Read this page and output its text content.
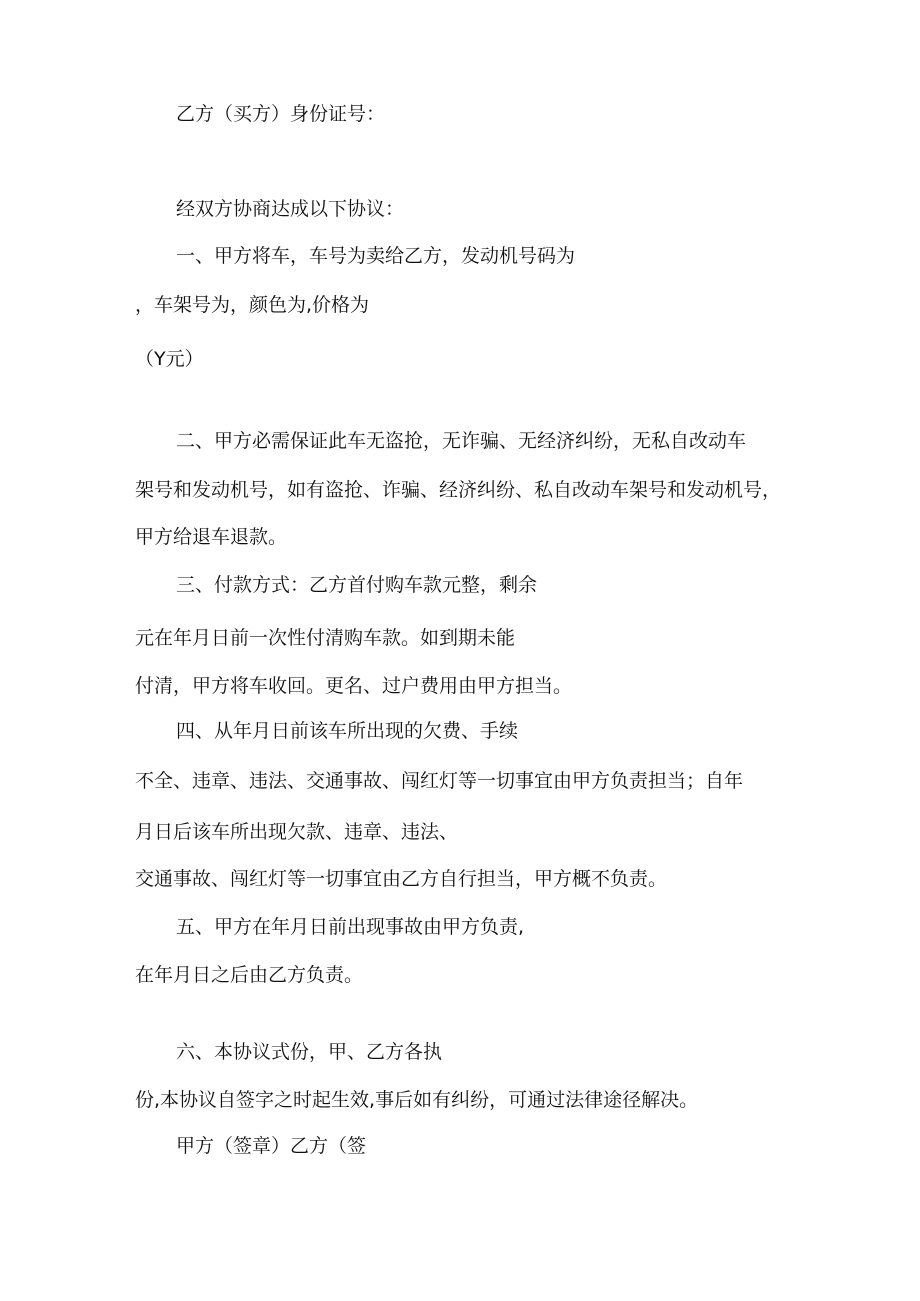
乙方（买方）身份证号：

经双方协商达成以下协议：

一、甲方将车，车号为卖给乙方，发动机号码为

，车架号为，颜色为,价格为

（Y元）

二、甲方必需保证此车无盗抢，无诈骗、无经济纠纷，无私自改动车

架号和发动机号，如有盗抢、诈骗、经济纠纷、私自改动车架号和发动机号，

甲方给退车退款。

三、付款方式：乙方首付购车款元整，剩余

元在年月日前一次性付清购车款。如到期未能

付清，甲方将车收回。更名、过户费用由甲方担当。

四、从年月日前该车所出现的欠费、手续

不全、违章、违法、交通事故、闯红灯等一切事宜由甲方负责担当；自年

月日后该车所出现欠款、违章、违法、

交通事故、闯红灯等一切事宜由乙方自行担当，甲方概不负责。

五、甲方在年月日前出现事故由甲方负责,

在年月日之后由乙方负责。

六、本协议式份，甲、乙方各执

份,本协议自签字之时起生效,事后如有纠纷，可通过法律途径解决。

甲方（签章）乙方（签
